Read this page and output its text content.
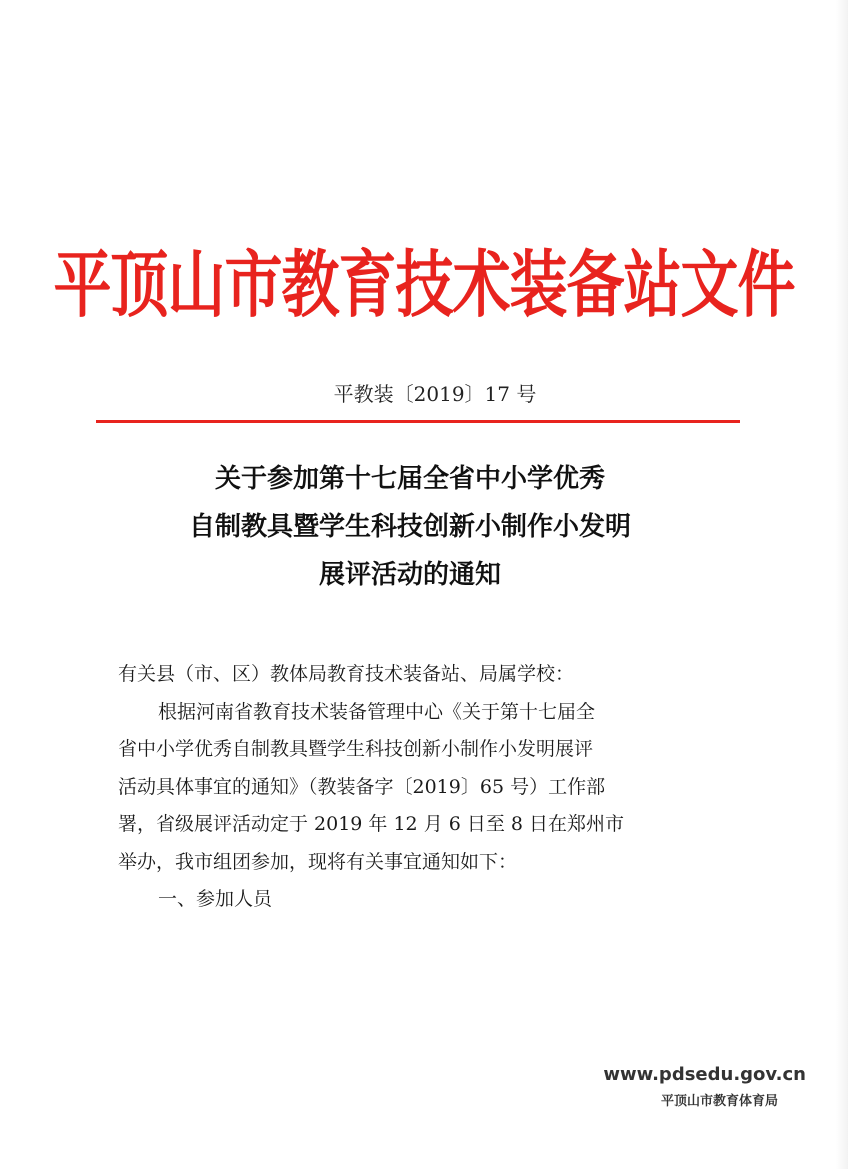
平顶山市教育技术装备站文件
平教装〔2019〕17 号
关于参加第十七届全省中小学优秀
自制教具暨学生科技创新小制作小发明
展评活动的通知
有关县（市、区）教体局教育技术装备站、局属学校：
根据河南省教育技术装备管理中心《关于第十七届全
省中小学优秀自制教具暨学生科技创新小制作小发明展评
活动具体事宜的通知》（教装备字〔2019〕65 号）工作部
署，省级展评活动定于 2019 年 12 月 6 日至 8 日在郑州市
举办，我市组团参加，现将有关事宜通知如下：
一、参加人员
www.pdsedu.gov.cn
平顶山市教育体育局
